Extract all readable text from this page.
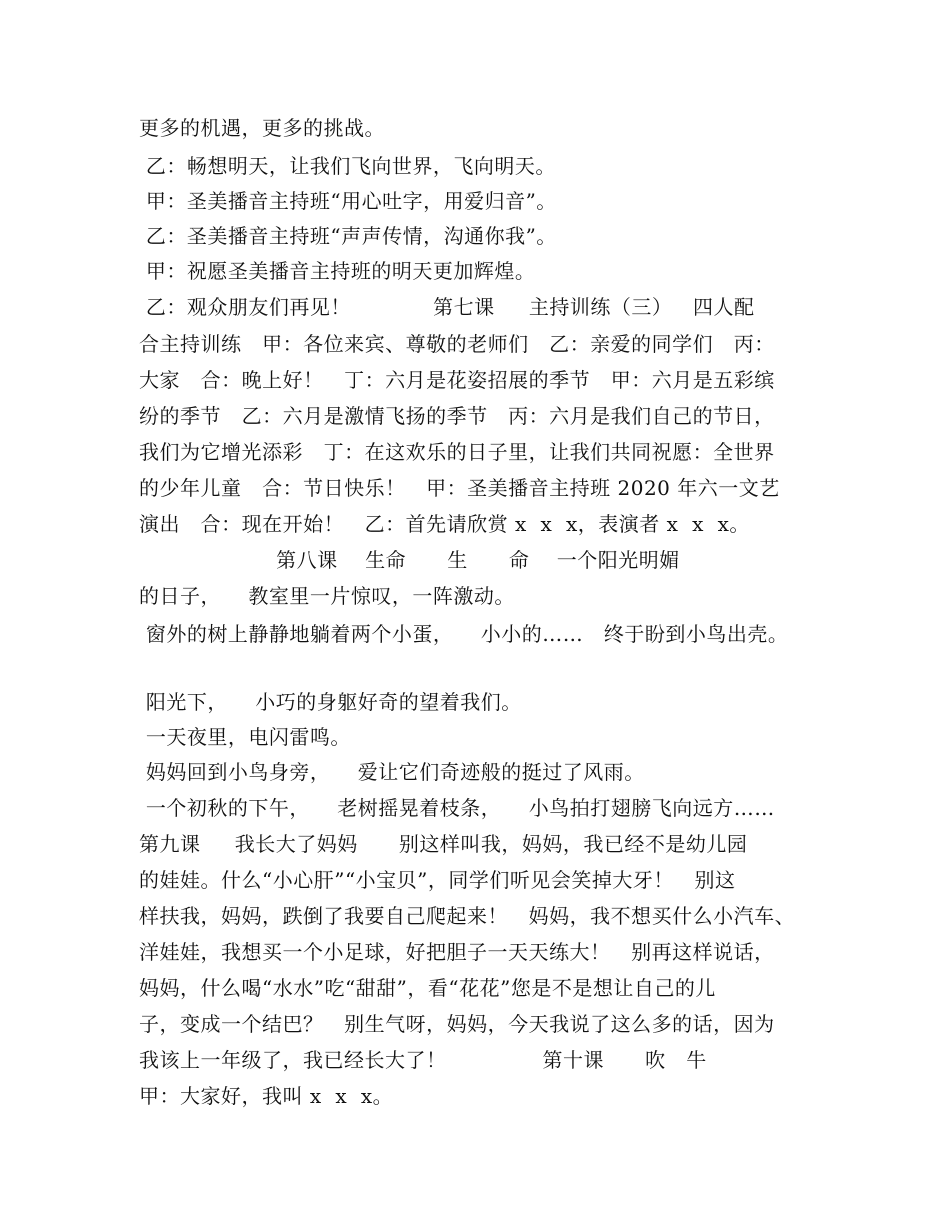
更多的机遇，更多的挑战。
乙：畅想明天，让我们飞向世界，飞向明天。
甲：圣美播音主持班“用心吐字，用爱归音”。
乙：圣美播音主持班“声声传情，沟通你我”。
甲：祝愿圣美播音主持班的明天更加辉煌。
乙：观众朋友们再见！            第七课     主持训练（三）   四人配
合主持训练   甲：各位来宾、尊敬的老师们   乙：亲爱的同学们   丙：
大家   合：晚上好！   丁：六月是花姿招展的季节   甲：六月是五彩缤
纷的季节   乙：六月是激情飞扬的季节   丙：六月是我们自己的节日，
我们为它增光添彩   丁：在这欢乐的日子里，让我们共同祝愿：全世界
的少年儿童   合：节日快乐！   甲：圣美播音主持班 2020 年六一文艺
演出   合：现在开始！   乙：首先请欣赏 x  x  x，表演者 x  x  x。
第八课    生命      生      命    一个阳光明媚
的日子，    教室里一片惊叹，一阵激动。
窗外的树上静静地躺着两个小蛋，    小小的……   终于盼到小鸟出壳。
阳光下，    小巧的身躯好奇的望着我们。
一天夜里，电闪雷鸣。
妈妈回到小鸟身旁，    爱让它们奇迹般的挺过了风雨。
一个初秋的下午，    老树摇晃着枝条，    小鸟拍打翅膀飞向远方……
第九课     我长大了妈妈      别这样叫我，妈妈，我已经不是幼儿园
的娃娃。什么“小心肝”“小宝贝”，同学们听见会笑掉大牙！   别这
样扶我，妈妈，跌倒了我要自己爬起来！   妈妈，我不想买什么小汽车、
洋娃娃，我想买一个小足球，好把胆子一天天练大！   别再这样说话，
妈妈，什么喝“水水”吃“甜甜”，看“花花”您是不是想让自己的儿
子，变成一个结巴？   别生气呀，妈妈，今天我说了这么多的话，因为
我该上一年级了，我已经长大了！              第十课      吹   牛
甲：大家好，我叫 x  x  x。
